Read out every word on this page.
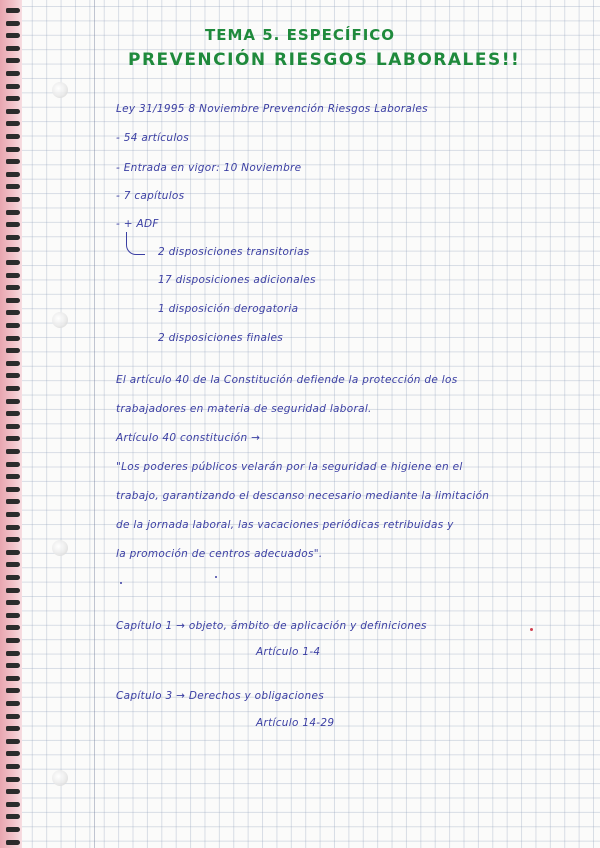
TEMA 5. ESPECÍFICO
PREVENCIÓN RIESGOS LABORALES!!
Ley 31/1995 8 Noviembre Prevención Riesgos Laborales
- 54 artículos
- Entrada en vigor: 10 Noviembre
- 7 capítulos
- + ADF
2 disposiciones transitorias
17 disposiciones adicionales
1 disposición derogatoria
2 disposiciones finales
El artículo 40 de la Constitución defiende la protección de los
trabajadores en materia de seguridad laboral.
Artículo 40 constitución →
"Los poderes públicos velarán por la seguridad e higiene en el
trabajo, garantizando el descanso necesario mediante la limitación
de la jornada laboral, las vacaciones periódicas retribuidas y
la promoción de centros adecuados".
Capítulo 1 → objeto, ámbito de aplicación y definiciones
Artículo 1-4
Capítulo 3 → Derechos y obligaciones
Artículo 14-29
